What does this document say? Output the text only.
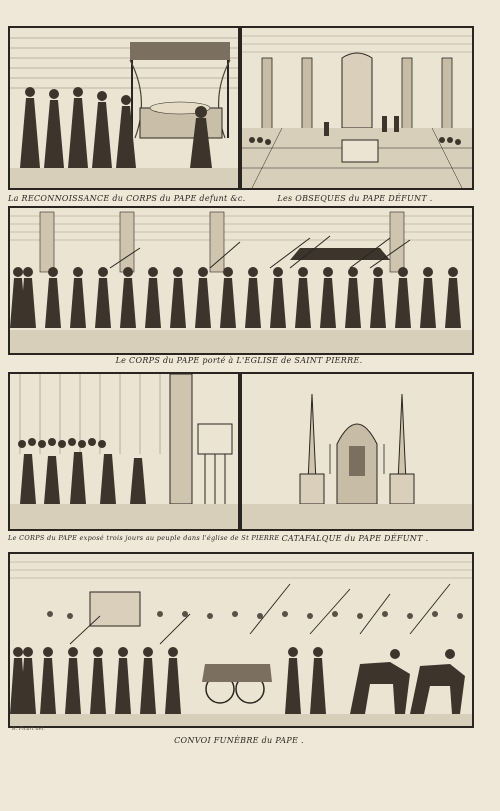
La RECONNOISSANCE du CORPS du PAPE defunt &c.	Les OBSEQUES du PAPE DÉFUNT .
Le CORPS du PAPE porté à L'EGLISE de SAINT PIERRE.
Le CORPS du PAPE exposé trois jours au peuple dans l'église de St PIERRE CATAFALQUE du PAPE DÉFUNT .
B. Picart del.
CONVOI FUNÈBRE du PAPE .
